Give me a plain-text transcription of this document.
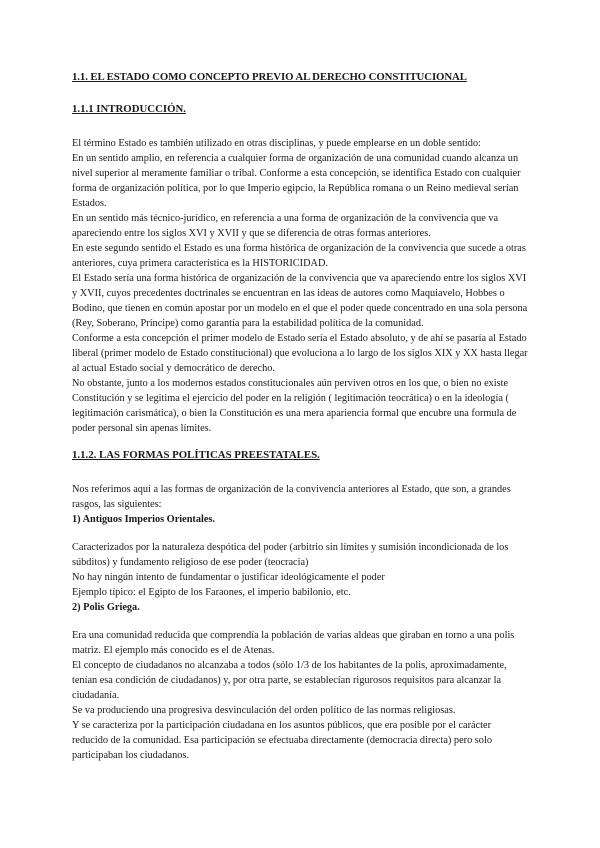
1.1. EL ESTADO COMO CONCEPTO PREVIO AL DERECHO CONSTITUCIONAL
1.1.1 INTRODUCCIÓN.

El término Estado es también utilizado en otras disciplinas, y puede emplearse en un doble sentido:

En un sentido amplio, en referencia a cualquier forma de organización de una comunidad cuando alcanza un nivel superior al meramente familiar o tribal. Conforme a esta concepción, se identifica Estado con cualquier forma de organización política, por lo que Imperio egipcio, la República romana o un Reino medieval serían Estados.

En un sentido más técnico-jurídico, en referencia a una forma de organización de la convivencia que va apareciendo entre los siglos XVI y XVII y que se diferencia de otras formas anteriores.

En este segundo sentido el Estado es una forma histórica de organización de la convivencia que sucede a otras anteriores, cuya primera característica es la HISTORICIDAD.

El Estado sería una forma histórica de organización de la convivencia que va apareciendo entre los siglos XVI y XVII, cuyos precedentes doctrinales se encuentran en las ideas de autores como Maquiavelo, Hobbes o Bodino, que tienen en común apostar por un modelo en el que el poder quede concentrado en una sola persona (Rey, Soberano, Príncipe) como garantía para la estabilidad política de la comunidad.

Conforme a esta concepción el primer modelo de Estado sería el Estado absoluto, y de ahí se pasaría al Estado liberal (primer modelo de Estado constitucional) que evoluciona a lo largo de los siglos XIX y XX hasta llegar al actual Estado social y democrático de derecho.

No obstante, junto a los modernos estados constitucionales aún perviven otros en los que, o bien no existe Constitución y se legitima el ejercicio del poder en la religión ( legitimación teocrática) o en la ideología ( legitimación carismática), o bien la Constitución es una mera apariencia formal que encubre una formula de poder personal sin apenas límites.

1.1.2. LAS FORMAS POLÍTICAS PREESTATALES.

Nos referimos aquí a las formas de organización de la convivencia anteriores al Estado, que son, a grandes rasgos, las siguientes:

1) Antiguos Imperios Orientales.

Caracterizados por la naturaleza despótica del poder (arbitrio sin límites y sumisión incondicionada de los súbditos) y fundamento religioso de ese poder (teocracia)

No hay ningún intento de fundamentar o justificar ideológicamente el poder

Ejemplo típico: el Egipto de los Faraones, el imperio babilonio, etc.

2) Polis Griega.

Era una comunidad reducida que comprendía la población de varias aldeas que giraban en torno a una polis matriz. El ejemplo más conocido es el de Atenas.

El concepto de ciudadanos no alcanzaba a todos (sólo 1/3 de los habitantes de la polis, aproximadamente, tenían esa condición de ciudadanos) y, por otra parte, se establecían rigurosos requisitos para alcanzar la ciudadanía.

Se va produciendo una progresiva desvinculación del orden político de las normas religiosas.

Y se caracteriza por la participación ciudadana en los asuntos públicos, que era posible por el carácter reducido de la comunidad. Esa participación se efectuaba directamente (democracia directa) pero solo participaban los ciudadanos.
